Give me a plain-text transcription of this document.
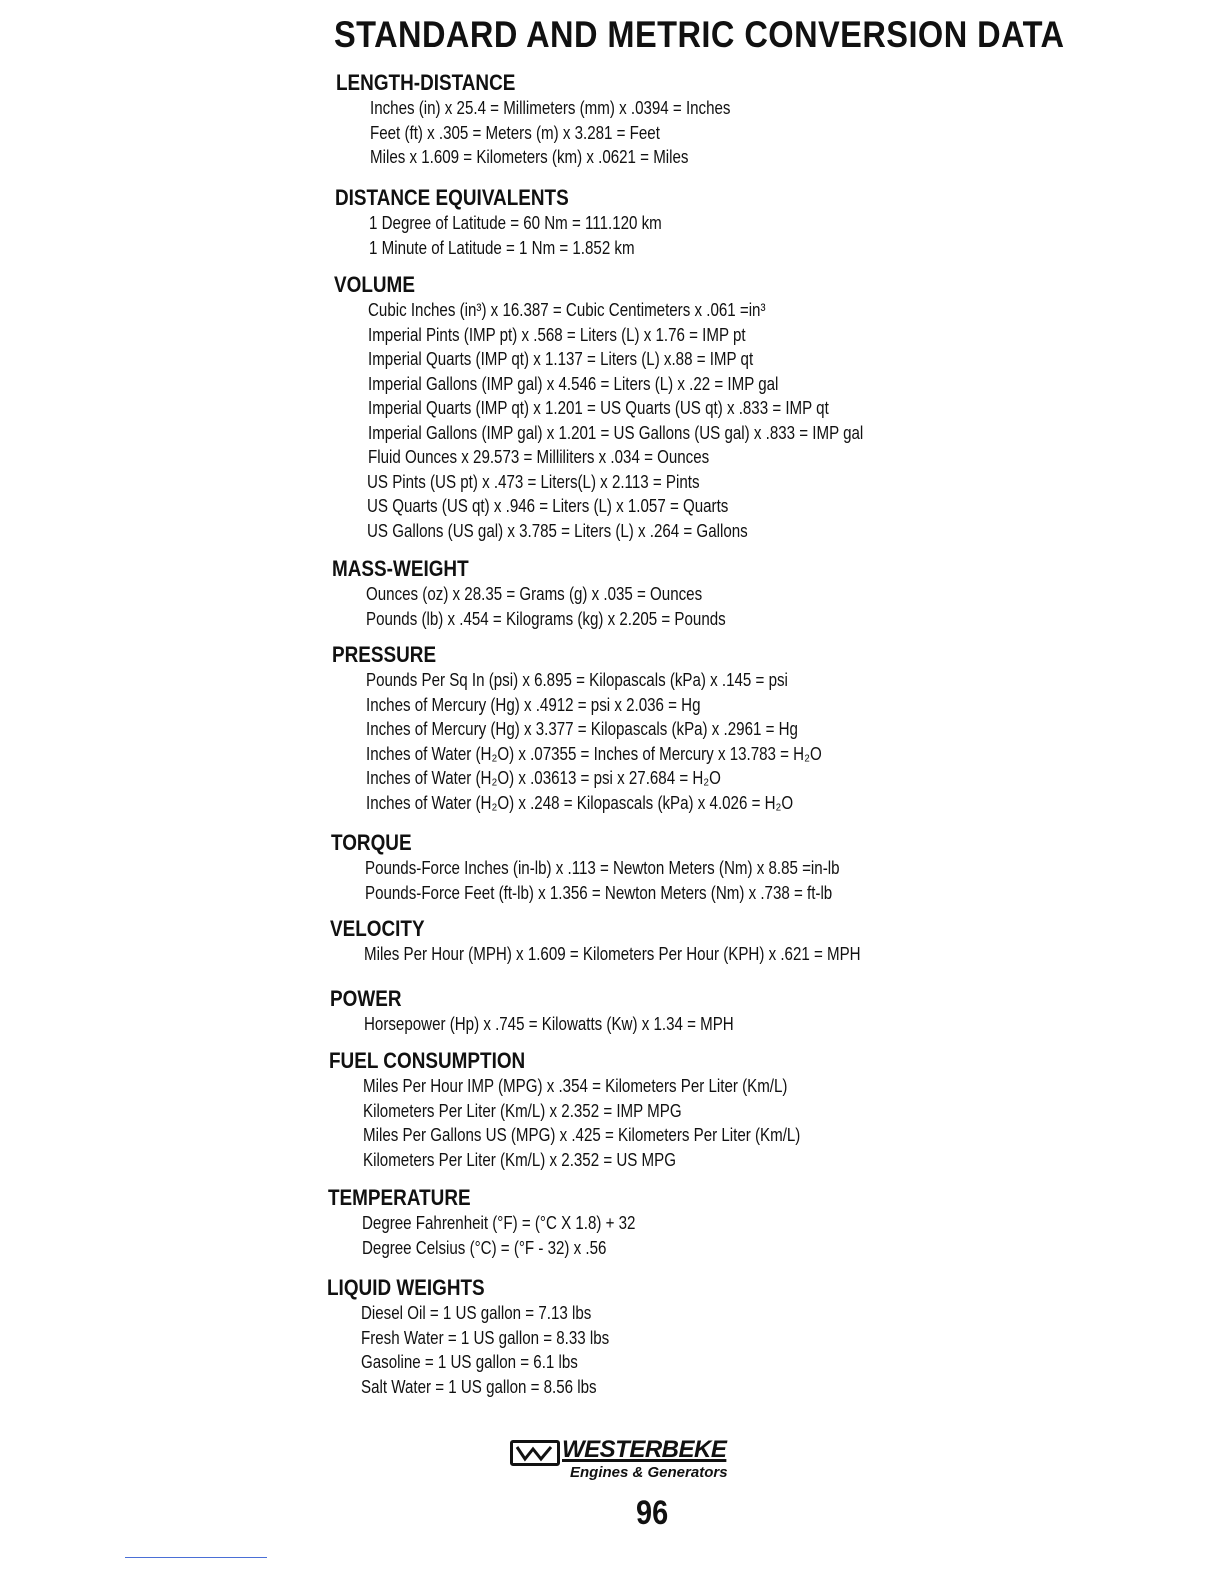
STANDARD AND METRIC CONVERSION DATA
LENGTH-DISTANCE
Inches (in) x 25.4 = Millimeters (mm) x .0394 = Inches
Feet (ft) x .305 = Meters (m) x 3.281 = Feet
Miles x 1.609 = Kilometers (km) x .0621 = Miles
DISTANCE EQUIVALENTS
1 Degree of Latitude = 60 Nm = 111.120 km
1 Minute of Latitude = 1 Nm = 1.852 km
VOLUME
Cubic Inches (in³) x 16.387 = Cubic Centimeters x .061 =in³
Imperial Pints (IMP pt) x .568 = Liters (L) x 1.76 = IMP pt
Imperial Quarts (IMP qt) x 1.137 = Liters (L) x.88 = IMP qt
Imperial Gallons (IMP gal) x 4.546 = Liters (L) x .22 = IMP gal
Imperial Quarts (IMP qt) x 1.201 = US Quarts (US qt) x .833 = IMP qt
Imperial Gallons (IMP gal) x 1.201 = US Gallons (US gal) x .833 = IMP gal
Fluid Ounces x 29.573 = Milliliters x .034 = Ounces
US Pints (US pt) x .473 = Liters(L) x 2.113 = Pints
US Quarts (US qt) x .946 = Liters (L) x 1.057 = Quarts
US Gallons (US gal) x 3.785 = Liters (L) x .264 = Gallons
MASS-WEIGHT
Ounces (oz) x 28.35 = Grams (g) x .035 = Ounces
Pounds (lb) x .454 = Kilograms (kg) x 2.205 = Pounds
PRESSURE
Pounds Per Sq In (psi) x 6.895 = Kilopascals (kPa) x .145 = psi
Inches of Mercury (Hg) x .4912 = psi x 2.036 = Hg
Inches of Mercury (Hg) x 3.377 = Kilopascals (kPa) x .2961 = Hg
Inches of Water (H₂O) x .07355 = Inches of Mercury x 13.783 = H₂O
Inches of Water (H₂O) x .03613 = psi x 27.684 = H₂O
Inches of Water (H₂O) x .248 = Kilopascals (kPa) x 4.026 = H₂O
TORQUE
Pounds-Force Inches (in-lb) x .113 = Newton Meters (Nm) x 8.85 =in-lb
Pounds-Force Feet (ft-lb) x 1.356 = Newton Meters (Nm) x .738 = ft-lb
VELOCITY
Miles Per Hour (MPH) x 1.609 = Kilometers Per Hour (KPH) x .621 = MPH
POWER
Horsepower (Hp) x .745 = Kilowatts (Kw) x 1.34 = MPH
FUEL CONSUMPTION
Miles Per Hour IMP (MPG) x .354 = Kilometers Per Liter (Km/L)
Kilometers Per Liter (Km/L) x 2.352 = IMP MPG
Miles Per Gallons US (MPG) x .425 = Kilometers Per Liter (Km/L)
Kilometers Per Liter (Km/L) x 2.352 = US MPG
TEMPERATURE
Degree Fahrenheit (°F) = (°C X 1.8) + 32
Degree Celsius (°C) = (°F - 32) x .56
LIQUID WEIGHTS
Diesel Oil = 1 US gallon = 7.13 lbs
Fresh Water = 1 US gallon = 8.33 lbs
Gasoline = 1 US gallon = 6.1 lbs
Salt Water = 1 US gallon = 8.56 lbs
WESTERBEKE
Engines & Generators
96
